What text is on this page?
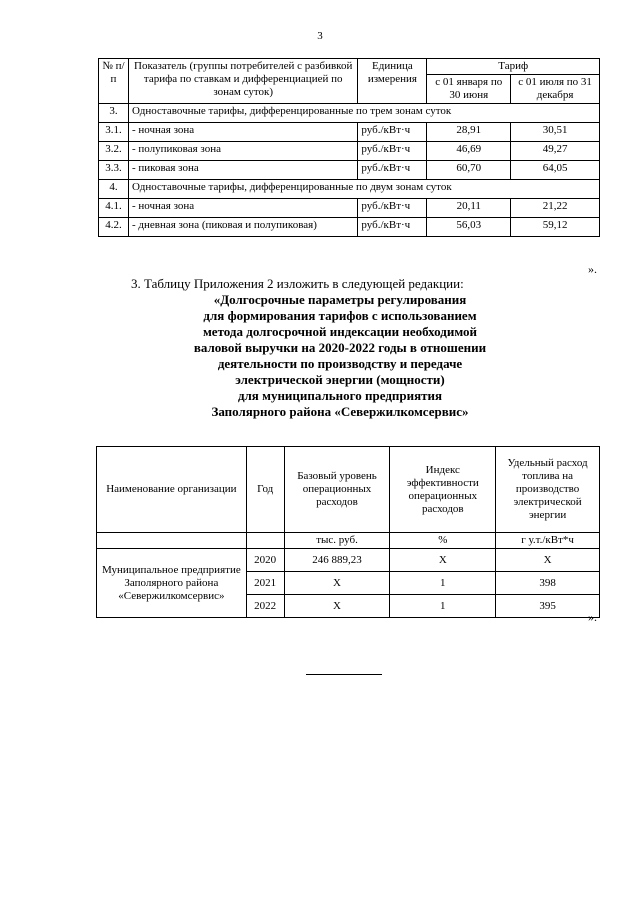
3
№ п/п	Показатель (группы потребителей с разбивкой тарифа по ставкам и дифференциацией по зонам суток)	Единица измерения	Тариф	
			с 01 января по 30 июня	с 01 июля по 31 декабря
3.	Одноставочные тарифы, дифференцированные по трем зонам суток			
3.1.	- ночная зона	руб./кВт·ч	28,91	30,51
3.2.	- полупиковая зона	руб./кВт·ч	46,69	49,27
3.3.	- пиковая зона	руб./кВт·ч	60,70	64,05
4.	Одноставочные тарифы, дифференцированные по двум зонам суток			
4.1.	- ночная зона	руб./кВт·ч	20,11	21,22
4.2.	- дневная зона (пиковая и полупиковая)	руб./кВт·ч	56,03	59,12
».
3. Таблицу Приложения 2 изложить в следующей редакции:
«Долгосрочные параметры регулирования
для формирования тарифов с использованием
метода долгосрочной индексации необходимой
валовой выручки на 2020-2022 годы в отношении
деятельности по производству и передаче
электрической энергии (мощности)
для муниципального предприятия
Заполярного района «Севержилкомсервис»
Наименование организации	Год	Базовый уровень операционных расходов	Индекс эффективности операционных расходов	Удельный расход топлива на производство электрической энергии
		тыс. руб.	%	г у.т./кВт*ч
Муниципальное предприятие Заполярного района «Севержилкомсервис»	2020	246 889,23	Х	Х
	2021	Х	1	398
	2022	Х	1	395
».
